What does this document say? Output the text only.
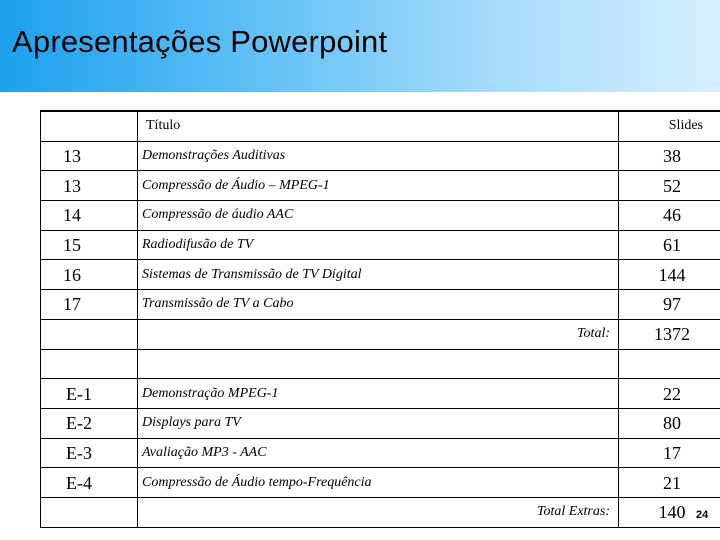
Apresentações Powerpoint
	Título	Slides
13	Demonstrações Auditivas	38
13	Compressão de Áudio – MPEG-1	52
14	Compressão de áudio AAC	46
15	Radiodifusão de TV	61
16	Sistemas de Transmissão de TV Digital	144
17	Transmissão de TV a Cabo	97
	Total:	1372

E-1	Demonstração MPEG-1	22
E-2	Displays para TV	80
E-3	Avaliação MP3 - AAC	17
E-4	Compressão de Áudio tempo-Frequência	21
	Total Extras:	140 24
